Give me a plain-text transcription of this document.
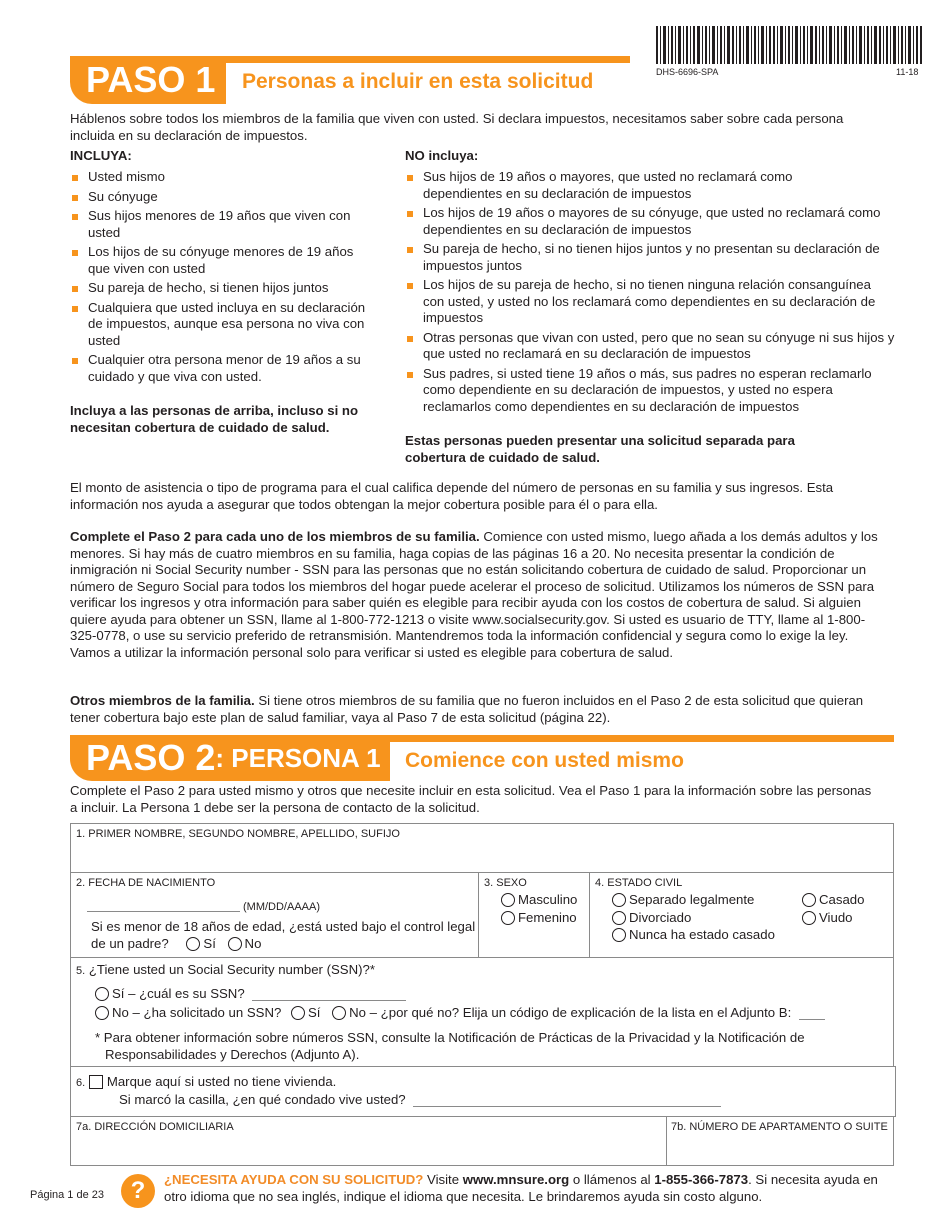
DHS-6696-SPA	11-18
PASO 1 Personas a incluir en esta solicitud

Háblenos sobre todos los miembros de la familia que viven con usted. Si declara impuestos, necesitamos saber sobre cada persona incluida en su declaración de impuestos.

INCLUYA:
Usted mismo
Su cónyuge
Sus hijos menores de 19 años que viven con usted
Los hijos de su cónyuge menores de 19 años que viven con usted
Su pareja de hecho, si tienen hijos juntos
Cualquiera que usted incluya en su declaración de impuestos, aunque esa persona no viva con usted
Cualquier otra persona menor de 19 años a su cuidado y que viva con usted.

Incluya a las personas de arriba, incluso si no necesitan cobertura de cuidado de salud.

NO incluya:
Sus hijos de 19 años o mayores, que usted no reclamará como dependientes en su declaración de impuestos
Los hijos de 19 años o mayores de su cónyuge, que usted no reclamará como dependientes en su declaración de impuestos
Su pareja de hecho, si no tienen hijos juntos y no presentan su declaración de impuestos juntos
Los hijos de su pareja de hecho, si no tienen ninguna relación consanguínea con usted, y usted no los reclamará como dependientes en su declaración de impuestos
Otras personas que vivan con usted, pero que no sean su cónyuge ni sus hijos y que usted no reclamará en su declaración de impuestos
Sus padres, si usted tiene 19 años o más, sus padres no esperan reclamarlo como dependiente en su declaración de impuestos, y usted no espera reclamarlos como dependientes en su declaración de impuestos

Estas personas pueden presentar una solicitud separada para cobertura de cuidado de salud.

El monto de asistencia o tipo de programa para el cual califica depende del número de personas en su familia y sus ingresos. Esta información nos ayuda a asegurar que todos obtengan la mejor cobertura posible para él o para ella.

Complete el Paso 2 para cada uno de los miembros de su familia. Comience con usted mismo, luego añada a los demás adultos y los menores. Si hay más de cuatro miembros en su familia, haga copias de las páginas 16 a 20. No necesita presentar la condición de inmigración ni Social Security number - SSN para las personas que no están solicitando cobertura de cuidado de salud. Proporcionar un número de Seguro Social para todos los miembros del hogar puede acelerar el proceso de solicitud. Utilizamos los números de SSN para verificar los ingresos y otra información para saber quién es elegible para recibir ayuda con los costos de cobertura de salud. Si alguien quiere ayuda para obtener un SSN, llame al 1-800-772-1213 o visite www.socialsecurity.gov. Si usted es usuario de TTY, llame al 1-800-325-0778, o use su servicio preferido de retransmisión. Mantendremos toda la información confidencial y segura como lo exige la ley. Vamos a utilizar la información personal solo para verificar si usted es elegible para cobertura de salud.

Otros miembros de la familia. Si tiene otros miembros de su familia que no fueron incluidos en el Paso 2 de esta solicitud que quieran tener cobertura bajo este plan de salud familiar, vaya al Paso 7 de esta solicitud (página 22).

PASO 2 : PERSONA 1 Comience con usted mismo

Complete el Paso 2 para usted mismo y otros que necesite incluir en esta solicitud. Vea el Paso 1 para la información sobre las personas a incluir. La Persona 1 debe ser la persona de contacto de la solicitud.

1. PRIMER NOMBRE, SEGUNDO NOMBRE, APELLIDO, SUFIJO
2. FECHA DE NACIMIENTO
(MM/DD/AAAA)

Si es menor de 18 años de edad, ¿está usted bajo el control legal de un padre?	Sí No

3. SEXO
Masculino
Femenino
4. ESTADO CIVIL
Separado legalmente	Casado
Divorciado	Viudo
Nunca ha estado casado
5. ¿Tiene usted un Social Security number (SSN)?*
Sí – ¿cuál es su SSN?
No – ¿ha solicitado un SSN? Sí No – ¿por qué no? Elija un código de explicación de la lista en el Adjunto B:

* Para obtener información sobre números SSN, consulte la Notificación de Prácticas de la Privacidad y la Notificación de Responsabilidades y Derechos (Adjunto A).

6. Marque aquí si usted no tiene vivienda.
Si marcó la casilla, ¿en qué condado vive usted?
7a. DIRECCIÓN DOMICILIARIA	7b. NÚMERO DE APARTAMENTO O SUITE
Página 1 de 23 ? ¿NECESITA AYUDA CON SU SOLICITUD? Visite www.mnsure.org o llámenos al 1-855-366-7873. Si necesita ayuda en otro idioma que no sea inglés, indique el idioma que necesita. Le brindaremos ayuda sin costo alguno.
